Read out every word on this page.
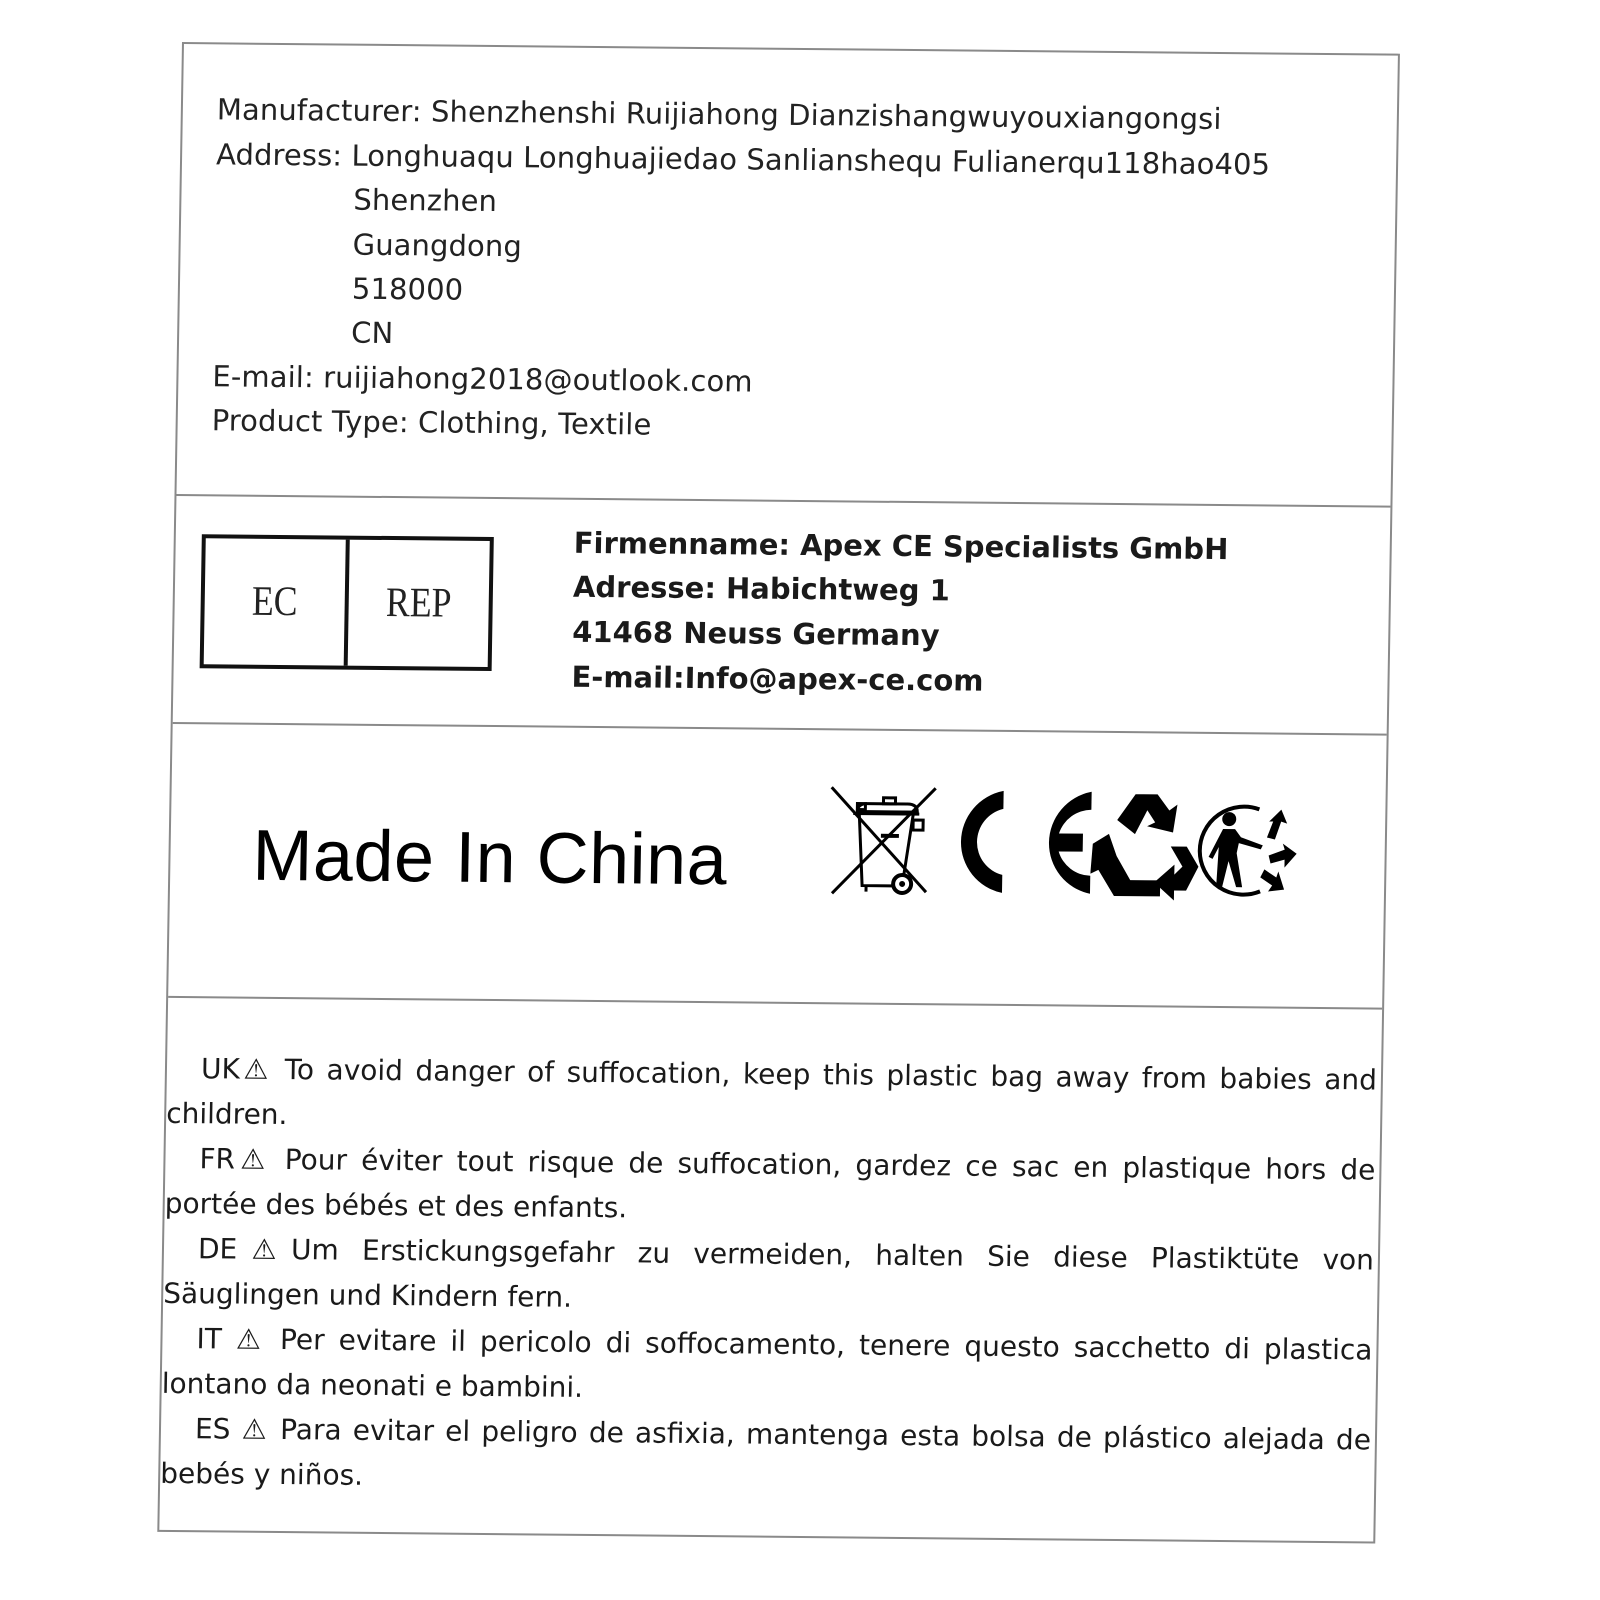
Manufacturer: Shenzhenshi Ruijiahong Dianzishangwuyouxiangongsi
Address: Longhuaqu Longhuajiedao Sanlianshequ Fulianerqu118hao405
Shenzhen
Guangdong
518000
CN
E-mail: ruijiahong2018@outlook.com
Product Type: Clothing, Textile
EC	REP
Firmenname: Apex CE Specialists GmbH
Adresse: Habichtweg 1
41468 Neuss Germany
E-mail:Info@apex-ce.com
Made In China

UK⚠ To avoid danger of suffocation, keep this plastic bag away from babies and children.

FR⚠ Pour éviter tout risque de suffocation, gardez ce sac en plastique hors de portée des bébés et des enfants.

DE⚠Um Erstickungsgefahr zu vermeiden, halten Sie diese Plastiktüte von Säuglingen und Kindern fern.

IT ⚠ Per evitare il pericolo di soffocamento, tenere questo sacchetto di plastica lontano da neonati e bambini.

ES ⚠ Para evitar el peligro de asfixia, mantenga esta bolsa de plástico alejada de bebés y niños.
